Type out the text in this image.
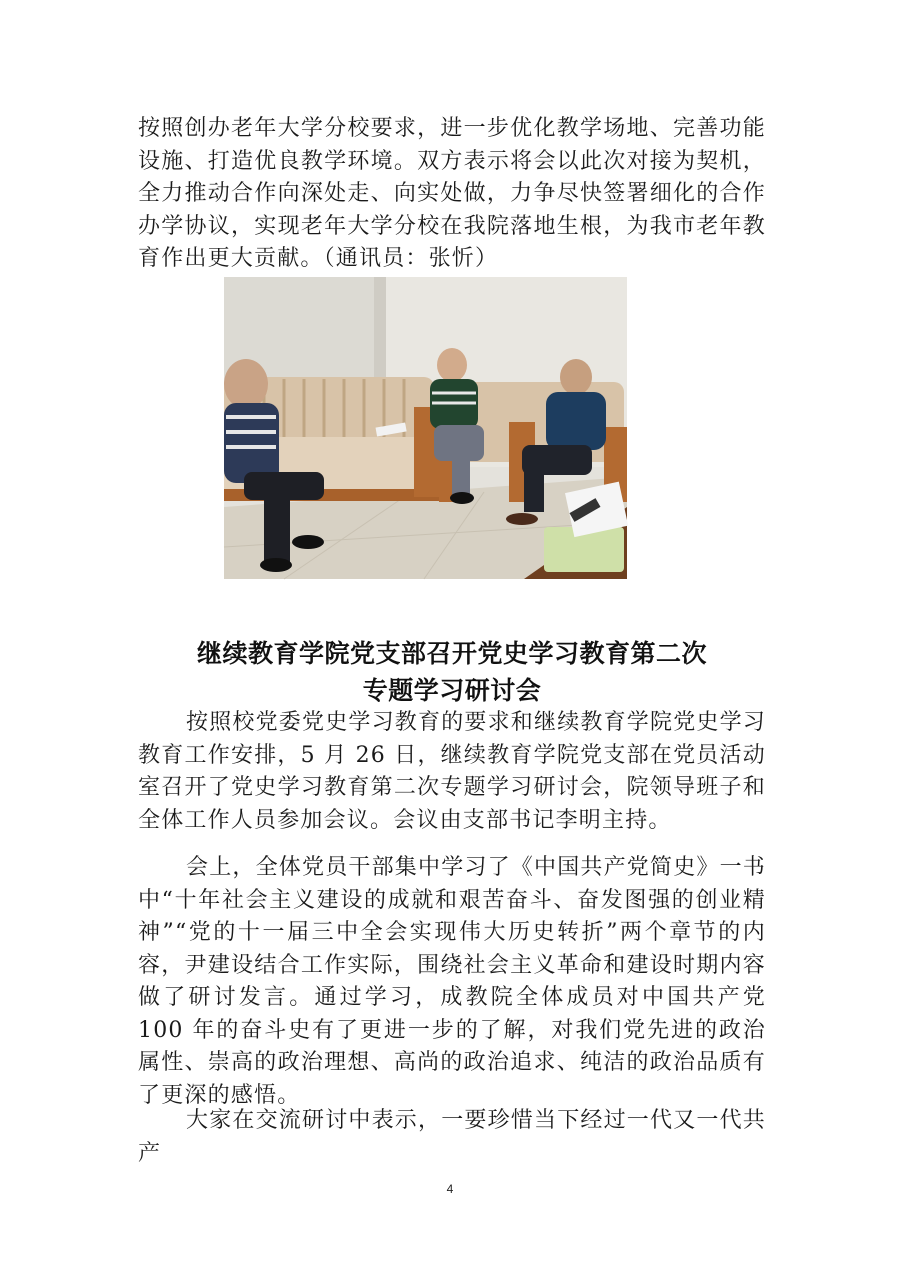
按照创办老年大学分校要求，进一步优化教学场地、完善功能设施、打造优良教学环境。双方表示将会以此次对接为契机，全力推动合作向深处走、向实处做，力争尽快签署细化的合作办学协议，实现老年大学分校在我院落地生根，为我市老年教育作出更大贡献。（通讯员：张忻）

继续教育学院党支部召开党史学习教育第二次
专题学习研讨会

按照校党委党史学习教育的要求和继续教育学院党史学习教育工作安排，5 月 26 日，继续教育学院党支部在党员活动室召开了党史学习教育第二次专题学习研讨会，院领导班子和全体工作人员参加会议。会议由支部书记李明主持。

会上，全体党员干部集中学习了《中国共产党简史》一书中“十年社会主义建设的成就和艰苦奋斗、奋发图强的创业精神”“党的十一届三中全会实现伟大历史转折”两个章节的内容，尹建设结合工作实际，围绕社会主义革命和建设时期内容做了研讨发言。通过学习，成教院全体成员对中国共产党 100 年的奋斗史有了更进一步的了解，对我们党先进的政治属性、崇高的政治理想、高尚的政治追求、纯洁的政治品质有了更深的感悟。

大家在交流研讨中表示，一要珍惜当下经过一代又一代共产

4
